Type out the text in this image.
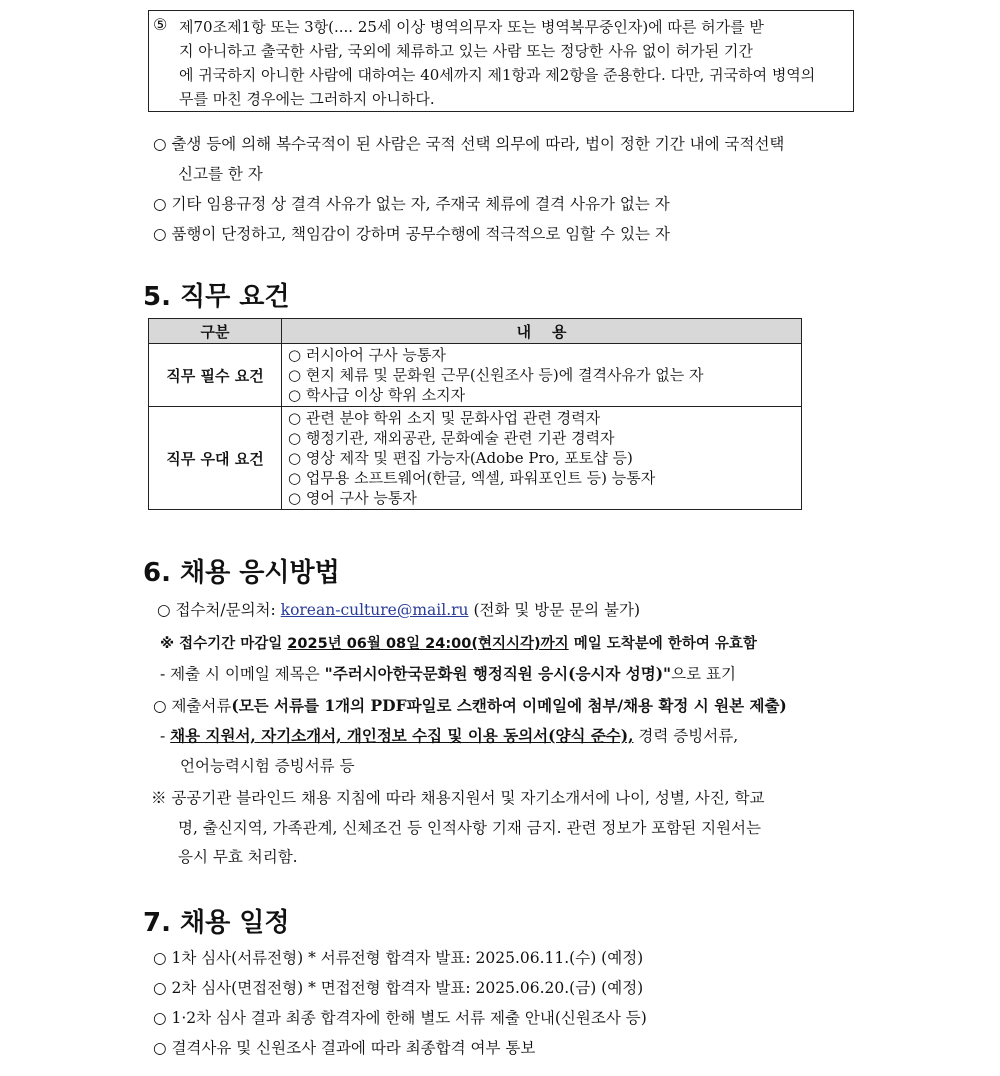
⑤ 제70조제1항 또는 3항(.... 25세 이상 병역의무자 또는 병역복무중인자)에 따른 허가를 받
지 아니하고 출국한 사람, 국외에 체류하고 있는 사람 또는 정당한 사유 없이 허가된 기간
에 귀국하지 아니한 사람에 대하여는 40세까지 제1항과 제2항을 준용한다. 다만, 귀국하여 병역의
무를 마친 경우에는 그러하지 아니하다.
○ 출생 등에 의해 복수국적이 된 사람은 국적 선택 의무에 따라, 법이 정한 기간 내에 국적선택
신고를 한 자
○ 기타 임용규정 상 결격 사유가 없는 자, 주재국 체류에 결격 사유가 없는 자
○ 품행이 단정하고, 책임감이 강하며 공무수행에 적극적으로 임할 수 있는 자
5. 직무 요건
구분	내    용
직무 필수 요건	○ 러시아어 구사 능통자
○ 현지 체류 및 문화원 근무(신원조사 등)에 결격사유가 없는 자
○ 학사급 이상 학위 소지자

직무 우대 요건	○ 관련 분야 학위 소지 및 문화사업 관련 경력자
○ 행정기관, 재외공관, 문화예술 관련 기관 경력자
○ 영상 제작 및 편집 가능자(Adobe Pro, 포토샵 등)
○ 업무용 소프트웨어(한글, 엑셀, 파워포인트 등) 능통자
○ 영어 구사 능통자
6. 채용 응시방법
○ 접수처/문의처: korean-culture@mail.ru (전화 및 방문 문의 불가)
※ 접수기간 마감일 2025년 06월 08일 24:00(현지시각)까지 메일 도착분에 한하여 유효함
- 제출 시 이메일 제목은 "주러시아한국문화원 행정직원 응시(응시자 성명)"으로 표기
○ 제출서류(모든 서류를 1개의 PDF파일로 스캔하여 이메일에 첨부/채용 확정 시 원본 제출)
- 채용 지원서, 자기소개서, 개인정보 수집 및 이용 동의서(양식 준수), 경력 증빙서류,
언어능력시험 증빙서류 등
※ 공공기관 블라인드 채용 지침에 따라 채용지원서 및 자기소개서에 나이, 성별, 사진, 학교
명, 출신지역, 가족관계, 신체조건 등 인적사항 기재 금지. 관련 정보가 포함된 지원서는
응시 무효 처리함.
7. 채용 일정
○ 1차 심사(서류전형) * 서류전형 합격자 발표: 2025.06.11.(수) (예정)
○ 2차 심사(면접전형) * 면접전형 합격자 발표: 2025.06.20.(금) (예정)
○ 1·2차 심사 결과 최종 합격자에 한해 별도 서류 제출 안내(신원조사 등)
○ 결격사유 및 신원조사 결과에 따라 최종합격 여부 통보
